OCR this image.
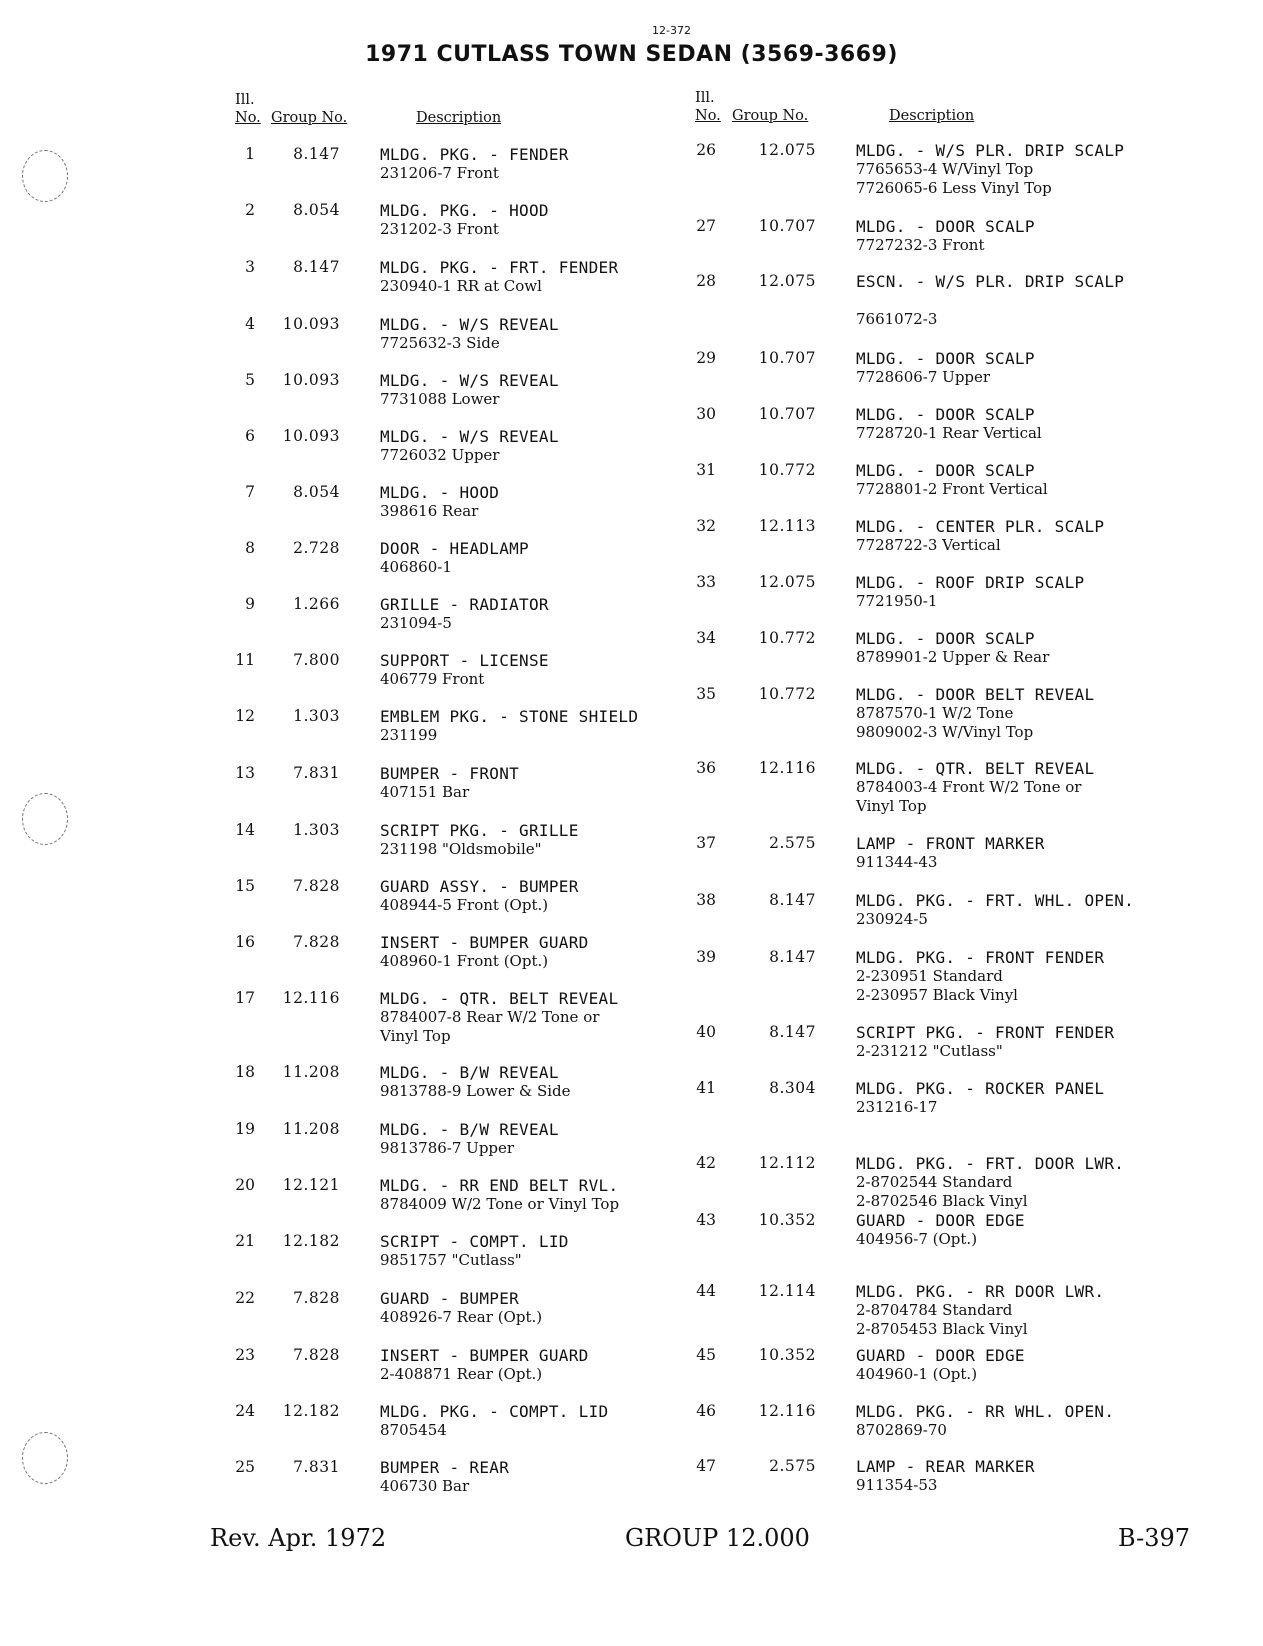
12-372
1971 CUTLASS TOWN SEDAN (3569-3669)
Ill.
No. Group No.	Description
Ill.
No. Group No.	Description
1	8.147	MLDG. PKG. - FENDER
231206-7 Front
2	8.054	MLDG. PKG. - HOOD
231202-3 Front
3	8.147	MLDG. PKG. - FRT. FENDER
230940-1 RR at Cowl
4	10.093	MLDG. - W/S REVEAL
7725632-3 Side
5	10.093	MLDG. - W/S REVEAL
7731088 Lower
6	10.093	MLDG. - W/S REVEAL
7726032 Upper
7	8.054	MLDG. - HOOD
398616 Rear
8	2.728	DOOR - HEADLAMP
406860-1
9	1.266	GRILLE - RADIATOR
231094-5
11	7.800	SUPPORT - LICENSE
406779 Front
12	1.303	EMBLEM PKG. - STONE SHIELD
231199
13	7.831	BUMPER - FRONT
407151 Bar
14	1.303	SCRIPT PKG. - GRILLE
231198 "Oldsmobile"
15	7.828	GUARD ASSY. - BUMPER
408944-5 Front (Opt.)
16	7.828	INSERT - BUMPER GUARD
408960-1 Front (Opt.)
17	12.116	MLDG. - QTR. BELT REVEAL
8784007-8 Rear W/2 Tone or
Vinyl Top
18	11.208	MLDG. - B/W REVEAL
9813788-9 Lower & Side
19	11.208	MLDG. - B/W REVEAL
9813786-7 Upper
20	12.121	MLDG. - RR END BELT RVL.
8784009 W/2 Tone or Vinyl Top
21	12.182	SCRIPT - COMPT. LID
9851757 "Cutlass"
22	7.828	GUARD - BUMPER
408926-7 Rear (Opt.)
23	7.828	INSERT - BUMPER GUARD
2-408871 Rear (Opt.)
24	12.182	MLDG. PKG. - COMPT. LID
8705454
25	7.831	BUMPER - REAR
406730 Bar
26	12.075	MLDG. - W/S PLR. DRIP SCALP
7765653-4 W/Vinyl Top
7726065-6 Less Vinyl Top
27	10.707	MLDG. - DOOR SCALP
7727232-3 Front
28	12.075	ESCN. - W/S PLR. DRIP SCALP
7661072-3
29	10.707	MLDG. - DOOR SCALP
7728606-7 Upper
30	10.707	MLDG. - DOOR SCALP
7728720-1 Rear Vertical
31	10.772	MLDG. - DOOR SCALP
7728801-2 Front Vertical
32	12.113	MLDG. - CENTER PLR. SCALP
7728722-3 Vertical
33	12.075	MLDG. - ROOF DRIP SCALP
7721950-1
34	10.772	MLDG. - DOOR SCALP
8789901-2 Upper & Rear
35	10.772	MLDG. - DOOR BELT REVEAL
8787570-1 W/2 Tone
9809002-3 W/Vinyl Top
36	12.116	MLDG. - QTR. BELT REVEAL
8784003-4 Front W/2 Tone or
Vinyl Top
37	2.575	LAMP - FRONT MARKER
911344-43
38	8.147	MLDG. PKG. - FRT. WHL. OPEN.
230924-5
39	8.147	MLDG. PKG. - FRONT FENDER
2-230951 Standard
2-230957 Black Vinyl
40	8.147	SCRIPT PKG. - FRONT FENDER
2-231212 "Cutlass"
41	8.304	MLDG. PKG. - ROCKER PANEL
231216-17
42	12.112	MLDG. PKG. - FRT. DOOR LWR.
2-8702544 Standard
2-8702546 Black Vinyl
43	10.352	GUARD - DOOR EDGE
404956-7 (Opt.)
44	12.114	MLDG. PKG. - RR DOOR LWR.
2-8704784 Standard
2-8705453 Black Vinyl
45	10.352	GUARD - DOOR EDGE
404960-1 (Opt.)
46	12.116	MLDG. PKG. - RR WHL. OPEN.
8702869-70
47	2.575	LAMP - REAR MARKER
911354-53
Rev. Apr. 1972	GROUP 12.000	B-397
